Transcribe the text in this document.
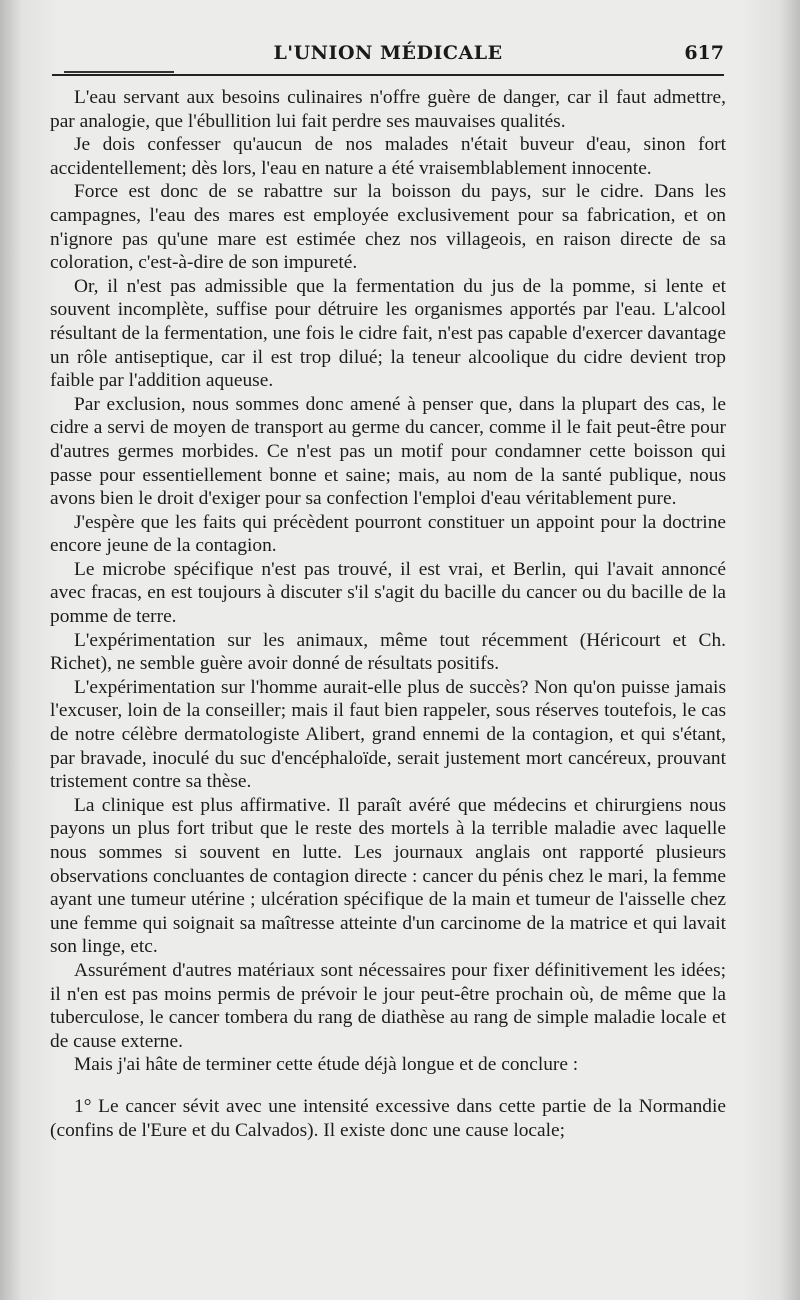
L'UNION MÉDICALE	617

L'eau servant aux besoins culinaires n'offre guère de danger, car il faut admettre, par analogie, que l'ébullition lui fait perdre ses mauvaises qualités.

Je dois confesser qu'aucun de nos malades n'était buveur d'eau, sinon fort accidentellement; dès lors, l'eau en nature a été vraisemblablement innocente.

Force est donc de se rabattre sur la boisson du pays, sur le cidre. Dans les campagnes, l'eau des mares est employée exclusivement pour sa fabrication, et on n'ignore pas qu'une mare est estimée chez nos villageois, en raison directe de sa coloration, c'est-à-dire de son impureté.

Or, il n'est pas admissible que la fermentation du jus de la pomme, si lente et souvent incomplète, suffise pour détruire les organismes apportés par l'eau. L'alcool résultant de la fermentation, une fois le cidre fait, n'est pas capable d'exercer davantage un rôle antiseptique, car il est trop dilué; la teneur alcoolique du cidre devient trop faible par l'addition aqueuse.

Par exclusion, nous sommes donc amené à penser que, dans la plupart des cas, le cidre a servi de moyen de transport au germe du cancer, comme il le fait peut-être pour d'autres germes morbides. Ce n'est pas un motif pour condamner cette boisson qui passe pour essentiellement bonne et saine; mais, au nom de la santé publique, nous avons bien le droit d'exiger pour sa confection l'emploi d'eau véritablement pure.

J'espère que les faits qui précèdent pourront constituer un appoint pour la doctrine encore jeune de la contagion.

Le microbe spécifique n'est pas trouvé, il est vrai, et Berlin, qui l'avait annoncé avec fracas, en est toujours à discuter s'il s'agit du bacille du cancer ou du bacille de la pomme de terre.

L'expérimentation sur les animaux, même tout récemment (Héricourt et Ch. Richet), ne semble guère avoir donné de résultats positifs.

L'expérimentation sur l'homme aurait-elle plus de succès? Non qu'on puisse jamais l'excuser, loin de la conseiller; mais il faut bien rappeler, sous réserves toutefois, le cas de notre célèbre dermatologiste Alibert, grand ennemi de la contagion, et qui s'étant, par bravade, inoculé du suc d'encéphaloïde, serait justement mort cancéreux, prouvant tristement contre sa thèse.

La clinique est plus affirmative. Il paraît avéré que médecins et chirurgiens nous payons un plus fort tribut que le reste des mortels à la terrible maladie avec laquelle nous sommes si souvent en lutte. Les journaux anglais ont rapporté plusieurs observations concluantes de contagion directe : cancer du pénis chez le mari, la femme ayant une tumeur utérine ; ulcération spécifique de la main et tumeur de l'aisselle chez une femme qui soignait sa maîtresse atteinte d'un carcinome de la matrice et qui lavait son linge, etc.

Assurément d'autres matériaux sont nécessaires pour fixer définitivement les idées; il n'en est pas moins permis de prévoir le jour peut-être prochain où, de même que la tuberculose, le cancer tombera du rang de diathèse au rang de simple maladie locale et de cause externe.

Mais j'ai hâte de terminer cette étude déjà longue et de conclure :

1° Le cancer sévit avec une intensité excessive dans cette partie de la Normandie (confins de l'Eure et du Calvados). Il existe donc une cause locale;
